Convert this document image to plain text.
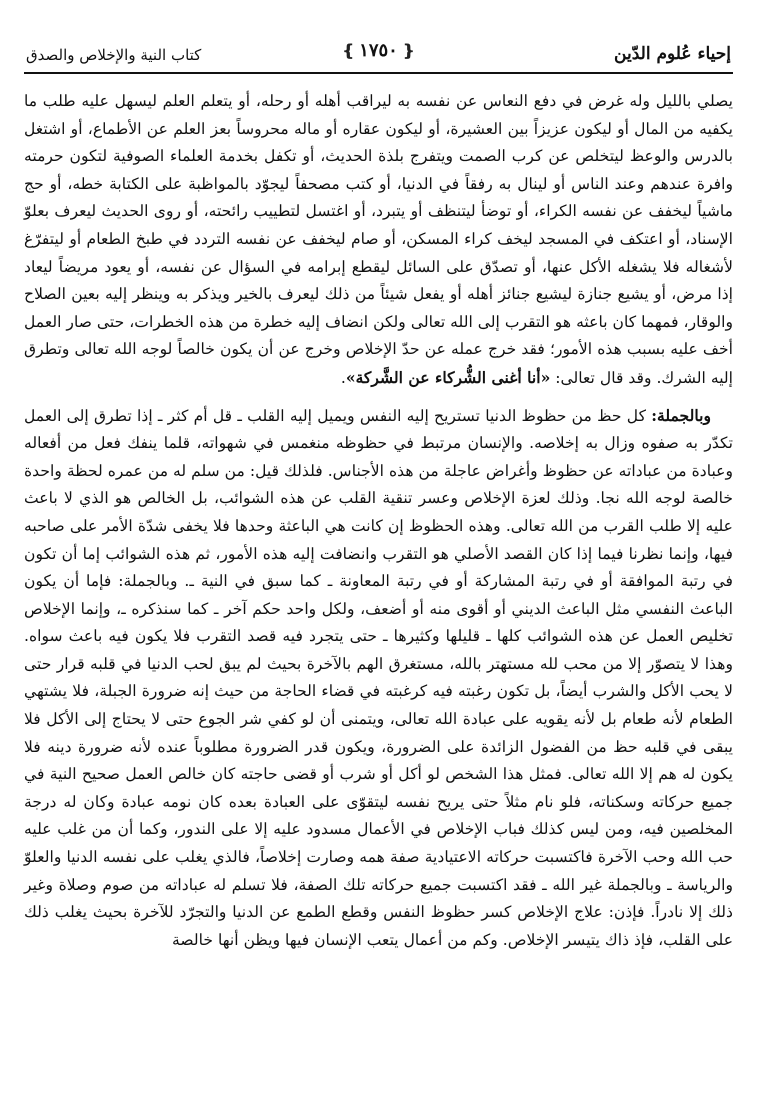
إحياء عُلوم الدّين
❴ ١٧٥٠ ❵
كتاب النية والإخلاص والصدق

يصلي بالليل وله غرض في دفع النعاس عن نفسه به ليراقب أهله أو رحله، أو يتعلم العلم ليسهل عليه طلب ما يكفيه من المال أو ليكون عزيزاً بين العشيرة، أو ليكون عقاره أو ماله محروساً بعز العلم عن الأطماع، أو اشتغل بالدرس والوعظ ليتخلص عن كرب الصمت ويتفرج بلذة الحديث، أو تكفل بخدمة العلماء الصوفية لتكون حرمته وافرة عندهم وعند الناس أو لينال به رفقاً في الدنيا، أو كتب مصحفاً ليجوّد بالمواظبة على الكتابة خطه، أو حج ماشياً ليخفف عن نفسه الكراء، أو توضأ ليتنظف أو يتبرد، أو اغتسل لتطييب رائحته، أو روى الحديث ليعرف بعلوّ الإسناد، أو اعتكف في المسجد ليخف كراء المسكن، أو صام ليخفف عن نفسه التردد في طبخ الطعام أو ليتفرّغ لأشغاله فلا يشغله الأكل عنها، أو تصدّق على السائل ليقطع إبرامه في السؤال عن نفسه، أو يعود مريضاً ليعاد إذا مرض، أو يشيع جنازة ليشيع جنائز أهله أو يفعل شيئاً من ذلك ليعرف بالخير ويذكر به وينظر إليه بعين الصلاح والوقار، فمهما كان باعثه هو التقرب إلى الله تعالى ولكن انضاف إليه خطرة من هذه الخطرات، حتى صار العمل أخف عليه بسبب هذه الأمور؛ فقد خرج عمله عن حدّ الإخلاص وخرج عن أن يكون خالصاً لوجه الله تعالى وتطرق إليه الشرك. وقد قال تعالى: «أنا أغنى الشُّركاء عن الشَّركة».

وبالجملة: كل حظ من حظوظ الدنيا تستريح إليه النفس ويميل إليه القلب ـ قل أم كثر ـ إذا تطرق إلى العمل تكدّر به صفوه وزال به إخلاصه. والإنسان مرتبط في حظوظه منغمس في شهواته، قلما ينفك فعل من أفعاله وعبادة من عباداته عن حظوظ وأغراض عاجلة من هذه الأجناس. فلذلك قيل: من سلم له من عمره لحظة واحدة خالصة لوجه الله نجا. وذلك لعزة الإخلاص وعسر تنقية القلب عن هذه الشوائب، بل الخالص هو الذي لا باعث عليه إلا طلب القرب من الله تعالى. وهذه الحظوظ إن كانت هي الباعثة وحدها فلا يخفى شدّة الأمر على صاحبه فيها، وإنما نظرنا فيما إذا كان القصد الأصلي هو التقرب وانضافت إليه هذه الأمور، ثم هذه الشوائب إما أن تكون في رتبة الموافقة أو في رتبة المشاركة أو في رتبة المعاونة ـ كما سبق في النية ـ. وبالجملة: فإما أن يكون الباعث النفسي مثل الباعث الديني أو أقوى منه أو أضعف، ولكل واحد حكم آخر ـ كما سنذكره ـ، وإنما الإخلاص تخليص العمل عن هذه الشوائب كلها ـ قليلها وكثيرها ـ حتى يتجرد فيه قصد التقرب فلا يكون فيه باعث سواه. وهذا لا يتصوّر إلا من محب لله مستهتر بالله، مستغرق الهم بالآخرة بحيث لم يبق لحب الدنيا في قلبه قرار حتى لا يحب الأكل والشرب أيضاً، بل تكون رغبته فيه كرغبته في قضاء الحاجة من حيث إنه ضرورة الجبلة، فلا يشتهي الطعام لأنه طعام بل لأنه يقويه على عبادة الله تعالى، ويتمنى أن لو كفي شر الجوع حتى لا يحتاج إلى الأكل فلا يبقى في قلبه حظ من الفضول الزائدة على الضرورة، ويكون قدر الضرورة مطلوباً عنده لأنه ضرورة دينه فلا يكون له هم إلا الله تعالى. فمثل هذا الشخص لو أكل أو شرب أو قضى حاجته كان خالص العمل صحيح النية في جميع حركاته وسكناته، فلو نام مثلاً حتى يريح نفسه ليتقوّى على العبادة بعده كان نومه عبادة وكان له درجة المخلصين فيه، ومن ليس كذلك فباب الإخلاص في الأعمال مسدود عليه إلا على الندور، وكما أن من غلب عليه حب الله وحب الآخرة فاكتسبت حركاته الاعتيادية صفة همه وصارت إخلاصاً، فالذي يغلب على نفسه الدنيا والعلوّ والرياسة ـ وبالجملة غير الله ـ فقد اكتسبت جميع حركاته تلك الصفة، فلا تسلم له عباداته من صوم وصلاة وغير ذلك إلا نادراً. فإذن: علاج الإخلاص كسر حظوظ النفس وقطع الطمع عن الدنيا والتجرّد للآخرة بحيث يغلب ذلك على القلب، فإذ ذاك يتيسر الإخلاص. وكم من أعمال يتعب الإنسان فيها ويظن أنها خالصة
